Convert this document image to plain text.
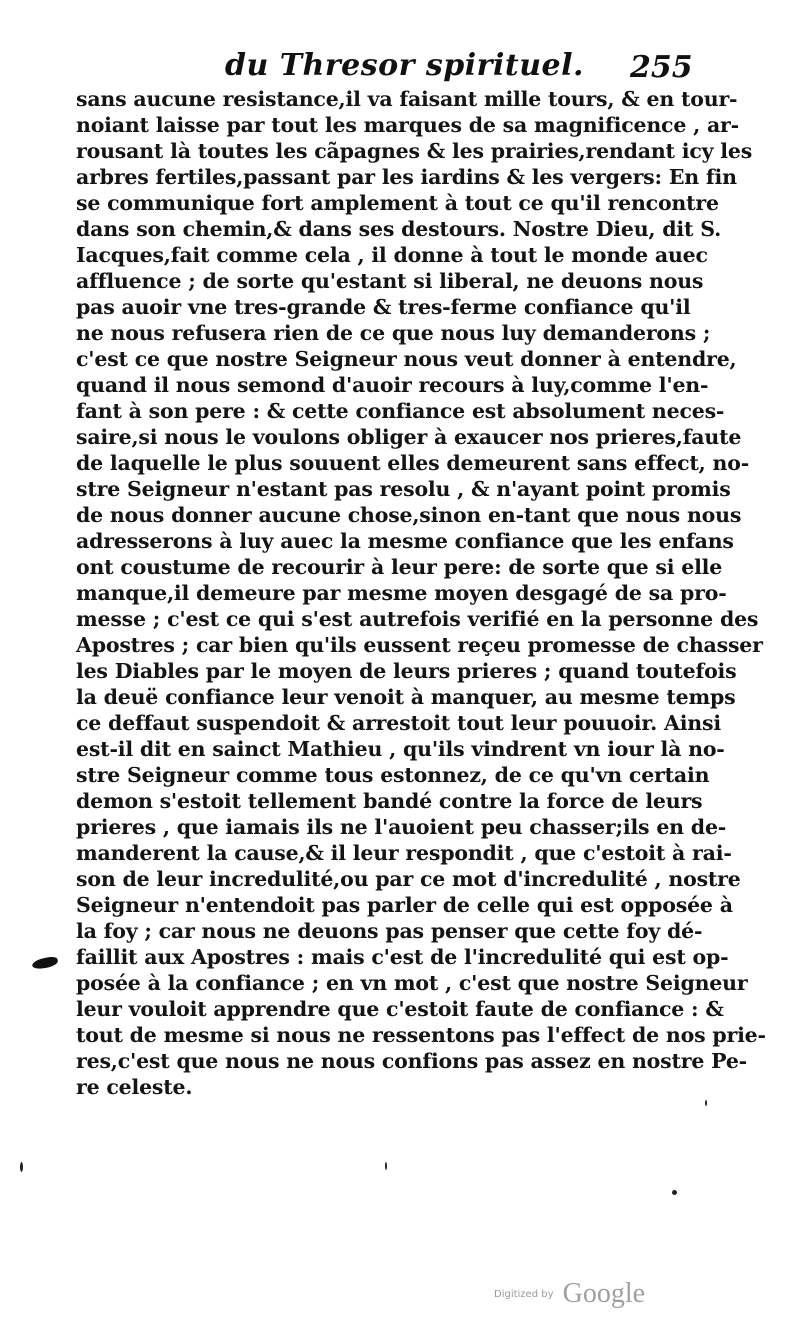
du Thresor spirituel. 255
sans aucune resistance,il va faisant mille tours, & en tour-
noiant laisse par tout les marques de sa magnificence , ar-
rousant là toutes les cãpagnes & les prairies,rendant icy les
arbres fertiles,passant par les iardins & les vergers: En fin
se communique fort amplement à tout ce qu'il rencontre
dans son chemin,& dans ses destours. Nostre Dieu, dit S.
Iacques,fait comme cela , il donne à tout le monde auec
affluence ; de sorte qu'estant si liberal, ne deuons nous
pas auoir vne tres-grande & tres-ferme confiance qu'il
ne nous refusera rien de ce que nous luy demanderons ;
c'est ce que nostre Seigneur nous veut donner à entendre,
quand il nous semond d'auoir recours à luy,comme l'en-
fant à son pere : & cette confiance est absolument neces-
saire,si nous le voulons obliger à exaucer nos prieres,faute
de laquelle le plus souuent elles demeurent sans effect, no-
stre Seigneur n'estant pas resolu , & n'ayant point promis
de nous donner aucune chose,sinon en-tant que nous nous
adresserons à luy auec la mesme confiance que les enfans
ont coustume de recourir à leur pere: de sorte que si elle
manque,il demeure par mesme moyen desgagé de sa pro-
messe ; c'est ce qui s'est autrefois verifié en la personne des
Apostres ; car bien qu'ils eussent reçeu promesse de chasser
les Diables par le moyen de leurs prieres ; quand toutefois
la deuë confiance leur venoit à manquer, au mesme temps
ce deffaut suspendoit & arrestoit tout leur pouuoir. Ainsi
est-il dit en sainct Mathieu , qu'ils vindrent vn iour là no-
stre Seigneur comme tous estonnez, de ce qu'vn certain
demon s'estoit tellement bandé contre la force de leurs
prieres , que iamais ils ne l'auoient peu chasser;ils en de-
manderent la cause,& il leur respondit , que c'estoit à rai-
son de leur incredulité,ou par ce mot d'incredulité , nostre
Seigneur n'entendoit pas parler de celle qui est opposée à
la foy ; car nous ne deuons pas penser que cette foy dé-
faillit aux Apostres : mais c'est de l'incredulité qui est op-
posée à la confiance ; en vn mot , c'est que nostre Seigneur
leur vouloit apprendre que c'estoit faute de confiance : &
tout de mesme si nous ne ressentons pas l'effect de nos prie-
res,c'est que nous ne nous confions pas assez en nostre Pe-
re celeste.
Digitized by Google
